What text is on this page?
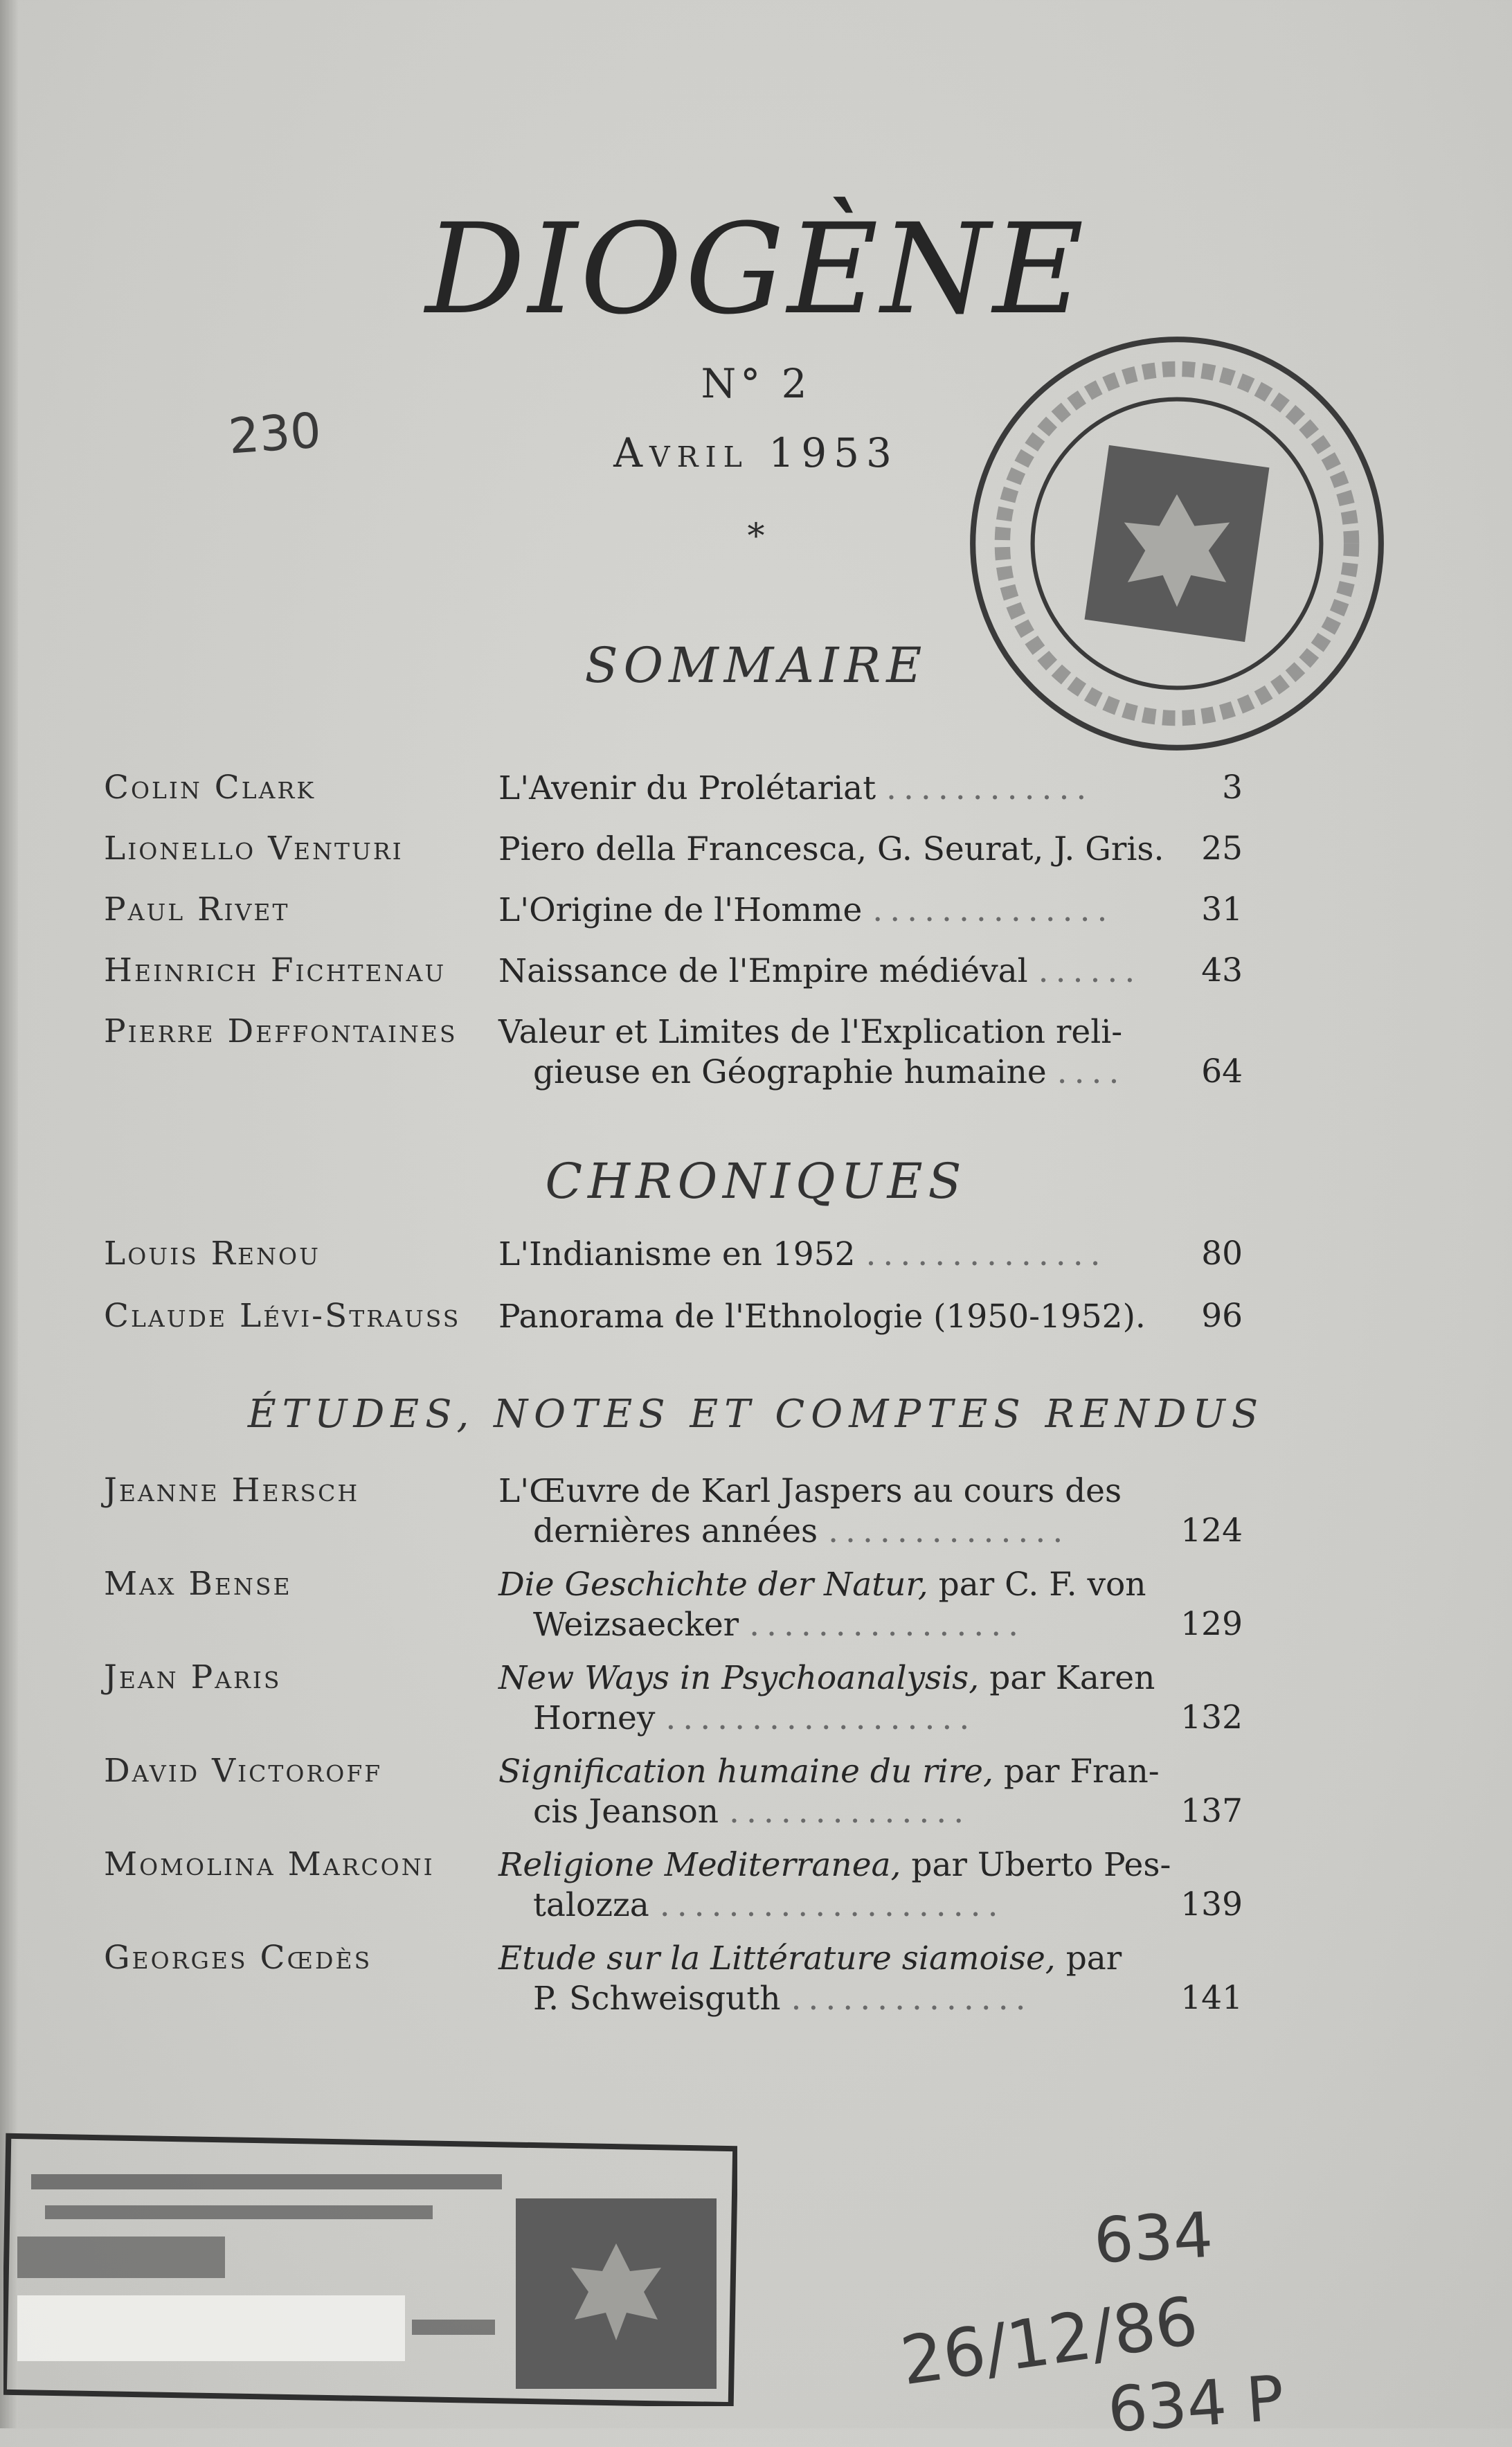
DIOGÈNE
N° 2
Avril 1953
*
230
SOMMAIRE
Colin Clark	L'Avenir du Prolétariat ............	3
Lionello Venturi	Piero della Francesca, G. Seurat, J. Gris.	25
Paul Rivet	L'Origine de l'Homme ..............	31
Heinrich Fichtenau	Naissance de l'Empire médiéval ......	43
Pierre Deffontaines	Valeur et Limites de l'Explication reli-
gieuse en Géographie humaine ....	64
CHRONIQUES
Louis Renou	L'Indianisme en 1952 ..............	80
Claude Lévi-Strauss	Panorama de l'Ethnologie (1950-1952).	96
ÉTUDES, NOTES ET COMPTES RENDUS
Jeanne Hersch	L'Œuvre de Karl Jaspers au cours des
dernières années ..............	124
Max Bense	Die Geschichte der Natur, par C. F. von
Weizsaecker ................	129
Jean Paris	New Ways in Psychoanalysis, par Karen
Horney ..................	132
David Victoroff	Signification humaine du rire, par Fran-
cis Jeanson ..............	137
Momolina Marconi	Religione Mediterranea, par Uberto Pes-
talozza ....................	139
Georges Cœdès	Etude sur la Littérature siamoise, par
P. Schweisguth ..............	141
634
26/12/86
634 P
